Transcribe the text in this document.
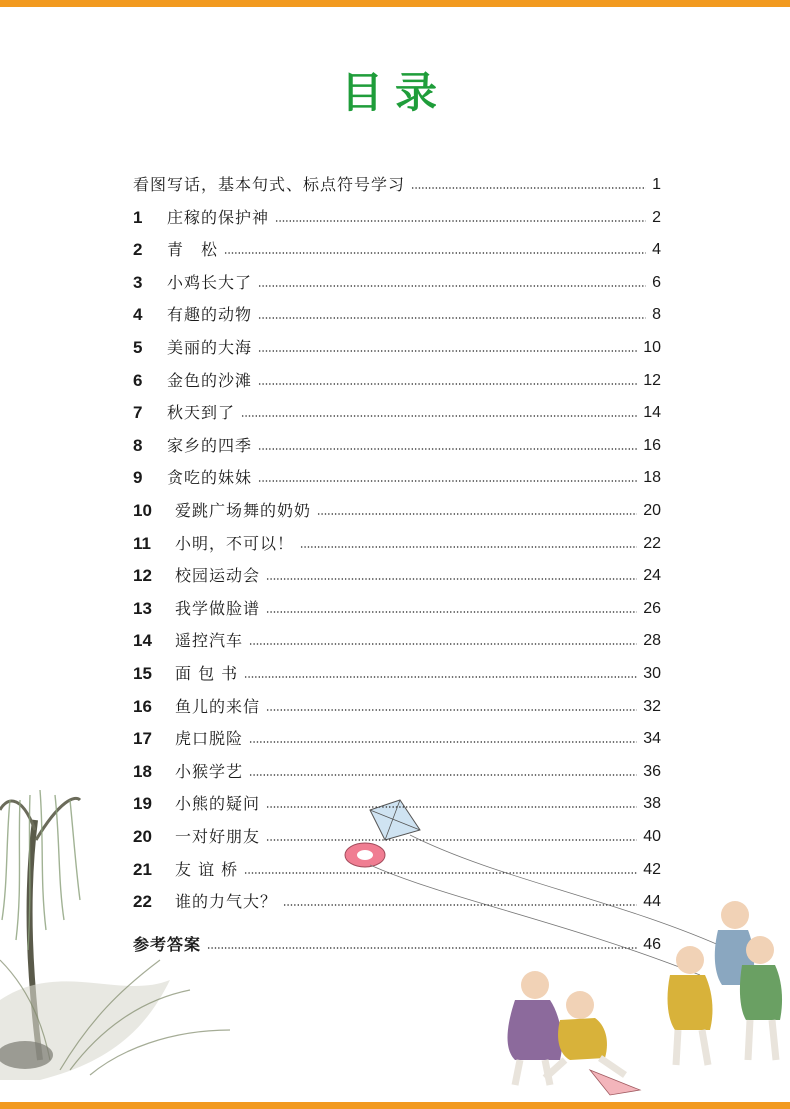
目录
看图写话，基本句式、标点符号学习	1
1	庄稼的保护神	2
2	青　松	4
3	小鸡长大了	6
4	有趣的动物	8
5	美丽的大海	10
6	金色的沙滩	12
7	秋天到了	14
8	家乡的四季	16
9	贪吃的妹妹	18
10	爱跳广场舞的奶奶	20
11	小明，不可以！	22
12	校园运动会	24
13	我学做脸谱	26
14	遥控汽车	28
15	面 包 书	30
16	鱼儿的来信	32
17	虎口脱险	34
18	小猴学艺	36
19	小熊的疑问	38
20	一对好朋友	40
21	友 谊 桥	42
22	谁的力气大？	44
参考答案	46
